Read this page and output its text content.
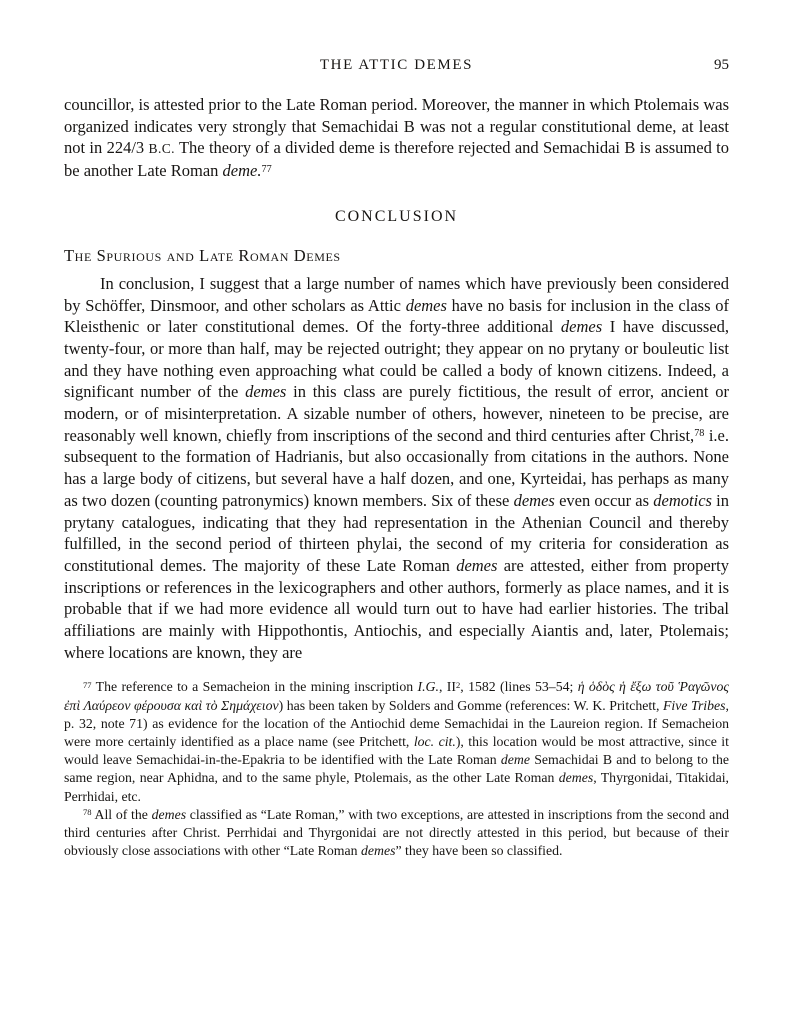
THE ATTIC DEMES	95

councillor, is attested prior to the Late Roman period. Moreover, the manner in which Ptolemais was organized indicates very strongly that Semachidai B was not a regular constitutional deme, at least not in 224/3 B.C. The theory of a divided deme is therefore rejected and Semachidai B is assumed to be another Late Roman deme.$^{77}$

CONCLUSION
The Spurious and Late Roman Demes

In conclusion, I suggest that a large number of names which have previously been considered by Schöffer, Dinsmoor, and other scholars as Attic demes have no basis for inclusion in the class of Kleisthenic or later constitutional demes. Of the forty-three additional demes I have discussed, twenty-four, or more than half, may be rejected outright; they appear on no prytany or bouleutic list and they have nothing even approaching what could be called a body of known citizens. Indeed, a significant number of the demes in this class are purely fictitious, the result of error, ancient or modern, or of misinterpretation. A sizable number of others, however, nineteen to be precise, are reasonably well known, chiefly from inscriptions of the second and third centuries after Christ,$^{78}$ i.e. subsequent to the formation of Hadrianis, but also occasionally from citations in the authors. None has a large body of citizens, but several have a half dozen, and one, Kyrteidai, has perhaps as many as two dozen (counting patronymics) known members. Six of these demes even occur as demotics in prytany catalogues, indicating that they had representation in the Athenian Council and thereby fulfilled, in the second period of thirteen phylai, the second of my criteria for consideration as constitutional demes. The majority of these Late Roman demes are attested, either from property inscriptions or references in the lexicographers and other authors, formerly as place names, and it is probable that if we had more evidence all would turn out to have had earlier histories. The tribal affiliations are mainly with Hippothontis, Antiochis, and especially Aiantis and, later, Ptolemais; where locations are known, they are

$^{77}$ The reference to a Semacheion in the mining inscription I.G., $II^2$, 1582 (lines 53–54; ἡ ὁδὸς ἡ ἔξω τοῦ Ῥαγῶνος ἐπὶ Λαύρεον φέρουσα καὶ τὸ Σημάχειον) has been taken by Solders and Gomme (references: W. K. Pritchett, Five Tribes, p. 32, note 71) as evidence for the location of the Antiochid deme Semachidai in the Laureion region. If Semacheion were more certainly identified as a place name (see Pritchett, loc. cit.), this location would be most attractive, since it would leave Semachidai-in-the-Epakria to be identified with the Late Roman deme Semachidai B and to belong to the same region, near Aphidna, and to the same phyle, Ptolemais, as the other Late Roman demes, Thyrgonidai, Titakidai, Perrhidai, etc.

$^{78}$ All of the demes classified as “Late Roman,” with two exceptions, are attested in inscriptions from the second and third centuries after Christ. Perrhidai and Thyrgonidai are not directly attested in this period, but because of their obviously close associations with other “Late Roman demes” they have been so classified.
